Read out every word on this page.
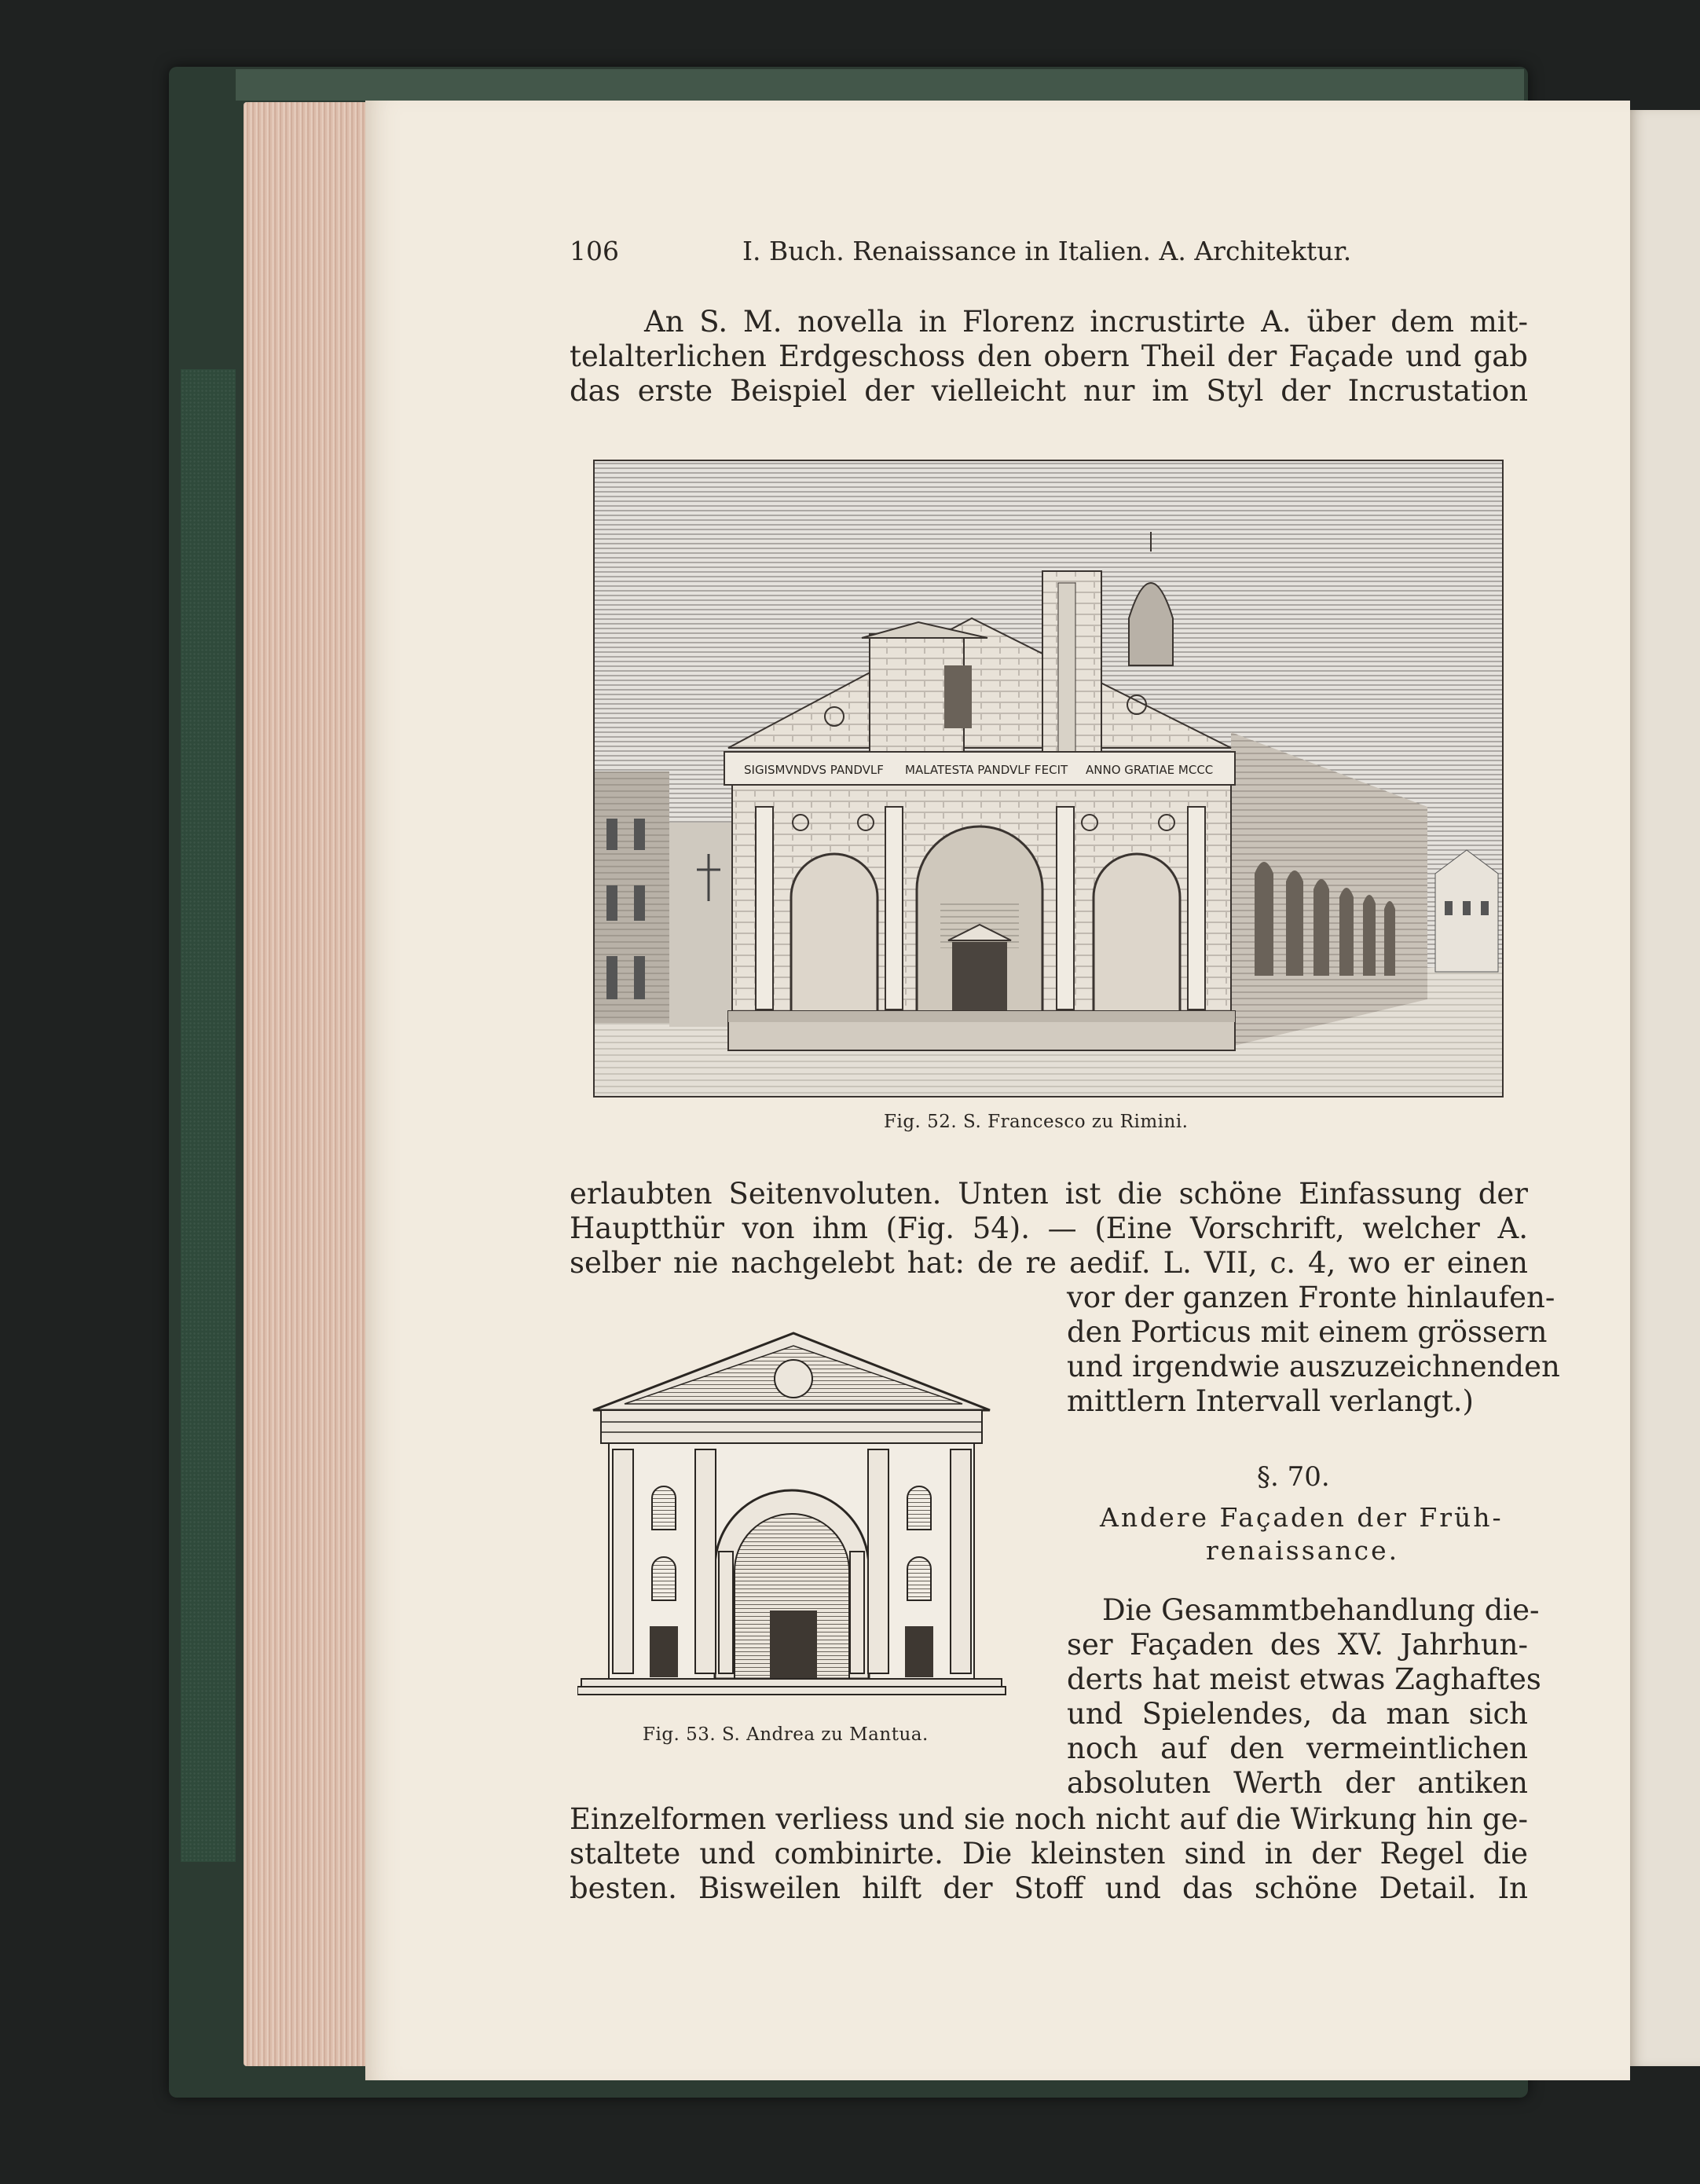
106	I. Buch. Renaissance in Italien. A. Architektur.
An S. M. novella in Florenz incrustirte A. über dem mit-
telalterlichen Erdgeschoss den obern Theil der Façade und gab
das erste Beispiel der vielleicht nur im Styl der Incrustation
SIGISMVNDVS PANDVLF MALATESTA PANDVLF FECIT ANNO GRATIAE MCCC
Fig. 52. S. Francesco zu Rimini.
erlaubten Seitenvoluten. Unten ist die schöne Einfassung der
Hauptthür von ihm (Fig. 54). — (Eine Vorschrift, welcher A.
selber nie nachgelebt hat: de re aedif. L. VII, c. 4, wo er einen
vor der ganzen Fronte hinlaufen-
den Porticus mit einem grössern
und irgendwie auszuzeichnenden
mittlern Intervall verlangt.)
§. 70.
Andere Façaden der Früh-
renaissance.
Die Gesammtbehandlung die-
ser Façaden des XV. Jahrhun-
derts hat meist etwas Zaghaftes
und Spielendes, da man sich
noch auf den vermeintlichen
absoluten Werth der antiken
Fig. 53. S. Andrea zu Mantua.
Einzelformen verliess und sie noch nicht auf die Wirkung hin ge-
staltete und combinirte. Die kleinsten sind in der Regel die
besten. Bisweilen hilft der Stoff und das schöne Detail. In
